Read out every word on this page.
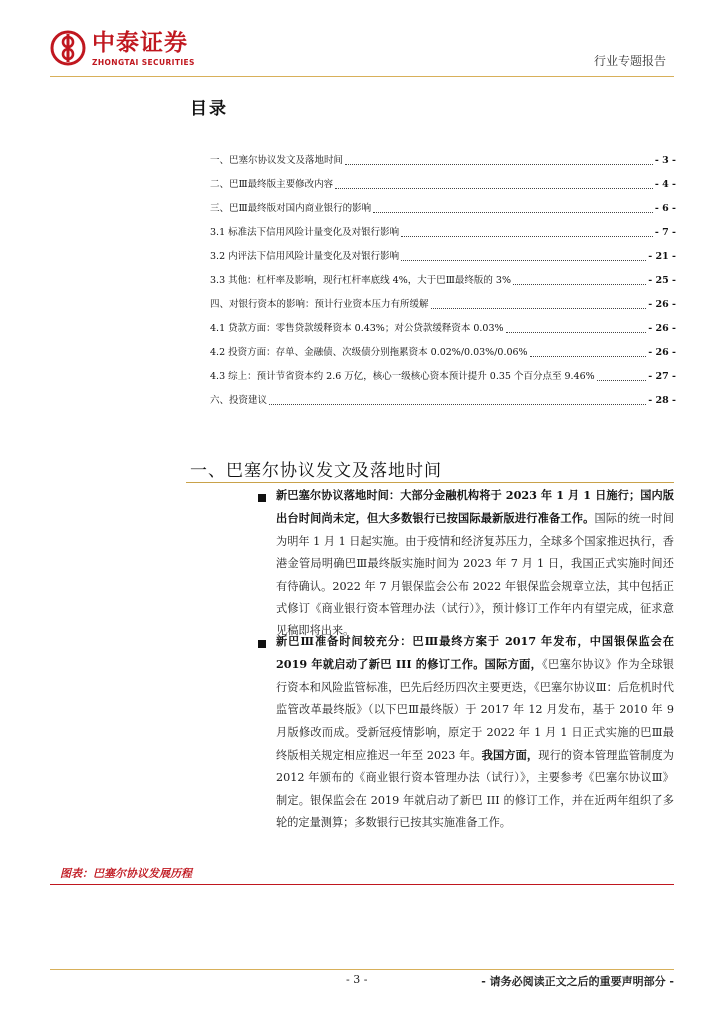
中泰证券
ZHONGTAI SECURITIES	行业专题报告
目录
一、巴塞尔协议发文及落地时间	- 3 -
二、巴Ⅲ最终版主要修改内容	- 4 -
三、巴Ⅲ最终版对国内商业银行的影响	- 6 -
3.1 标准法下信用风险计量变化及对银行影响	- 7 -
3.2 内评法下信用风险计量变化及对银行影响	- 21 -
3.3 其他：杠杆率及影响，现行杠杆率底线 4%，大于巴Ⅲ最终版的 3%	- 25 -
四、对银行资本的影响：预计行业资本压力有所缓解	- 26 -
4.1 贷款方面：零售贷款缓释资本 0.43%；对公贷款缓释资本 0.03%	- 26 -
4.2 投资方面：存单、金融债、次级债分别拖累资本 0.02%/0.03%/0.06%	- 26 -
4.3 综上：预计节省资本约 2.6 万亿，核心一级核心资本预计提升 0.35 个百分点至 9.46%	- 27 -
六、投资建议	- 28 -
一、巴塞尔协议发文及落地时间
新巴塞尔协议落地时间：大部分金融机构将于 2023 年 1 月 1 日施行；国内版出台时间尚未定，但大多数银行已按国际最新版进行准备工作。国际的统一时间为明年 1 月 1 日起实施。由于疫情和经济复苏压力，全球多个国家推迟执行，香港金管局明确巴Ⅲ最终版实施时间为 2023 年 7 月 1 日，我国正式实施时间还有待确认。2022 年 7 月银保监会公布 2022 年银保监会规章立法，其中包括正式修订《商业银行资本管理办法（试行）》，预计修订工作年内有望完成，征求意见稿即将出来。
新巴Ⅲ准备时间较充分：巴Ⅲ最终方案于 2017 年发布，中国银保监会在 2019 年就启动了新巴 III 的修订工作。国际方面，《巴塞尔协议》作为全球银行资本和风险监管标准，巴先后经历四次主要更迭，《巴塞尔协议Ⅲ：后危机时代监管改革最终版》（以下巴Ⅲ最终版）于 2017 年 12 月发布，基于 2010 年 9 月版修改而成。受新冠疫情影响，原定于 2022 年 1 月 1 日正式实施的巴Ⅲ最终版相关规定相应推迟一年至 2023 年。我国方面，现行的资本管理监管制度为 2012 年颁布的《商业银行资本管理办法（试行）》，主要参考《巴塞尔协议Ⅲ》制定。银保监会在 2019 年就启动了新巴 III 的修订工作，并在近两年组织了多轮的定量测算；多数银行已按其实施准备工作。
图表：巴塞尔协议发展历程
- 3 -	- 请务必阅读正文之后的重要声明部分 -
